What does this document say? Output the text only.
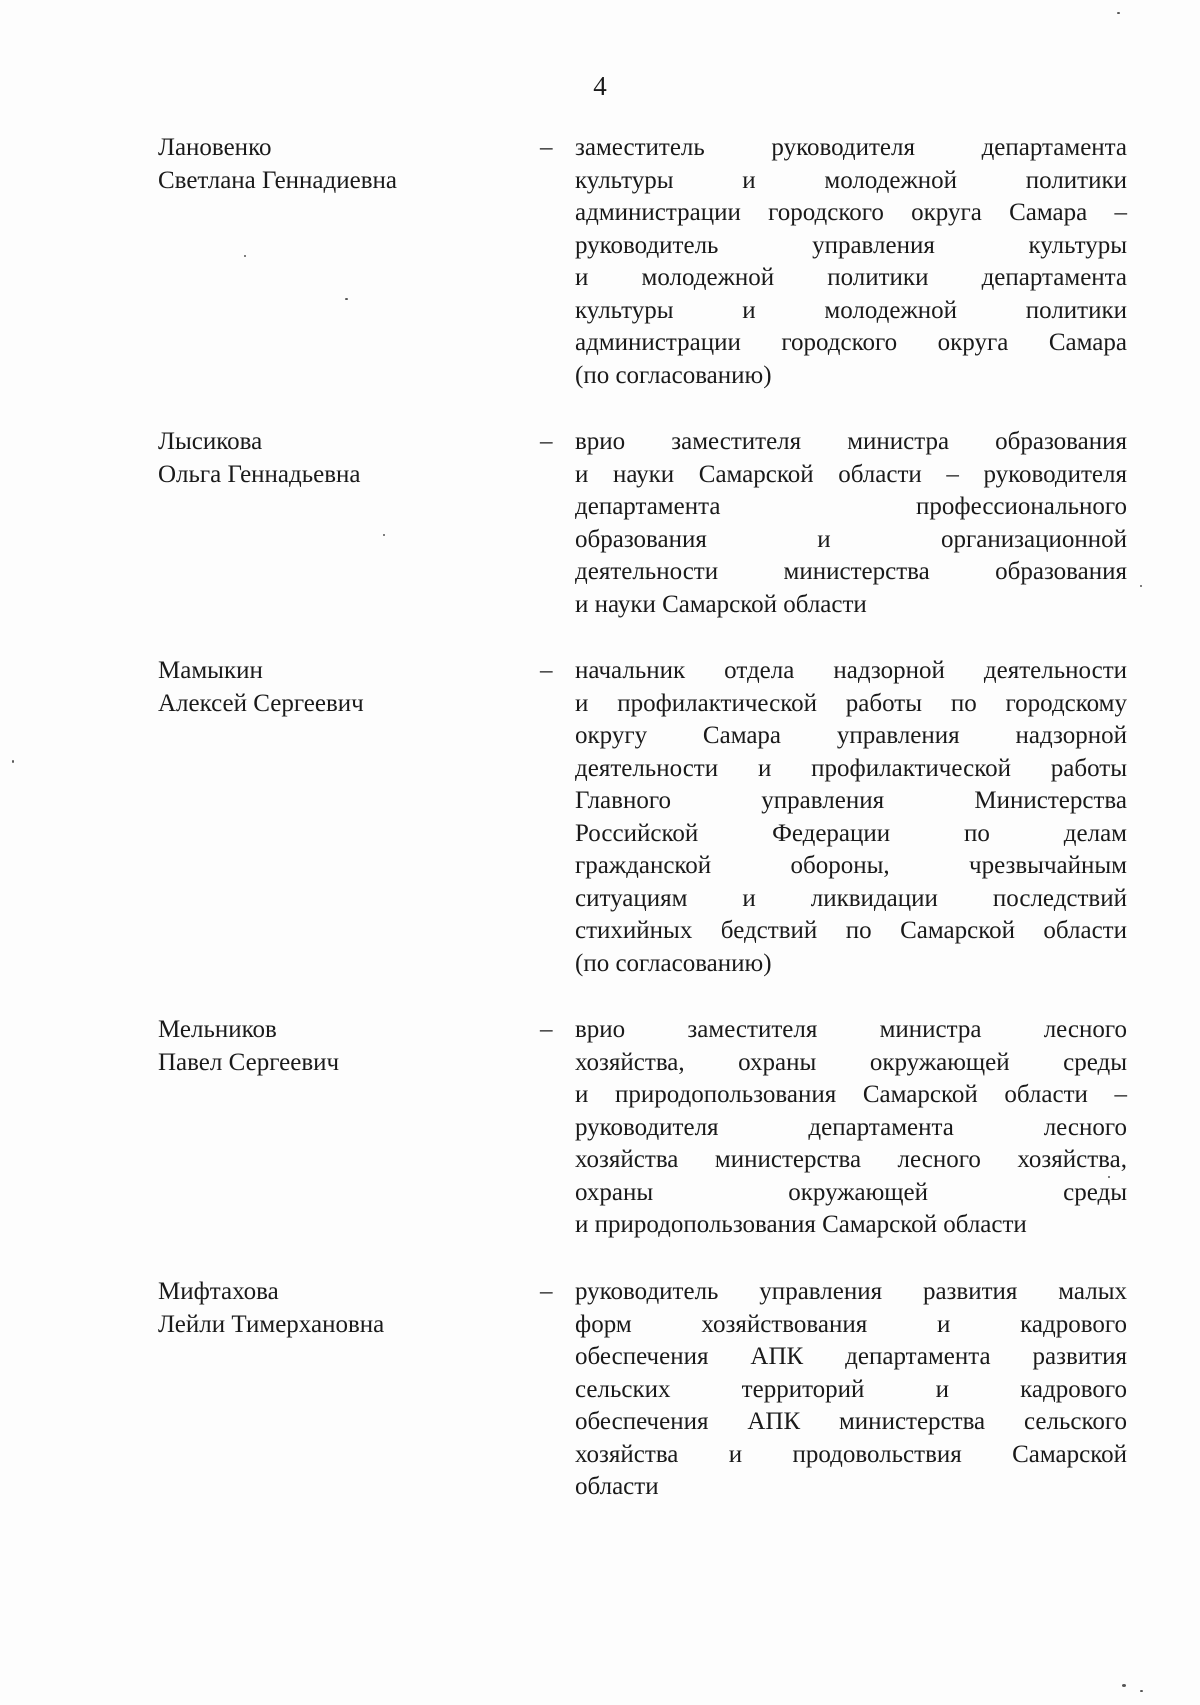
4
Лановенко
Светлана Геннадиевна
– заместитель руководителя департамента
культуры и молодежной политики
администрации городского округа Самара –
руководитель управления культуры
и молодежной политики департамента
культуры и молодежной политики
администрации городского округа Самара
(по согласованию)
Лысикова
Ольга Геннадьевна
– врио заместителя министра образования
и науки Самарской области – руководителя
департамента профессионального
образования и организационной
деятельности министерства образования
и науки Самарской области
Мамыкин
Алексей Сергеевич
– начальник отдела надзорной деятельности
и профилактической работы по городскому
округу Самара управления надзорной
деятельности и профилактической работы
Главного управления Министерства
Российской Федерации по делам
гражданской обороны, чрезвычайным
ситуациям и ликвидации последствий
стихийных бедствий по Самарской области
(по согласованию)
Мельников
Павел Сергеевич
– врио заместителя министра лесного
хозяйства, охраны окружающей среды
и природопользования Самарской области –
руководителя департамента лесного
хозяйства министерства лесного хозяйства,
охраны окружающей среды
и природопользования Самарской области
Мифтахова
Лейли Тимерхановна
– руководитель управления развития малых
форм хозяйствования и кадрового
обеспечения АПК департамента развития
сельских территорий и кадрового
обеспечения АПК министерства сельского
хозяйства и продовольствия Самарской
области
